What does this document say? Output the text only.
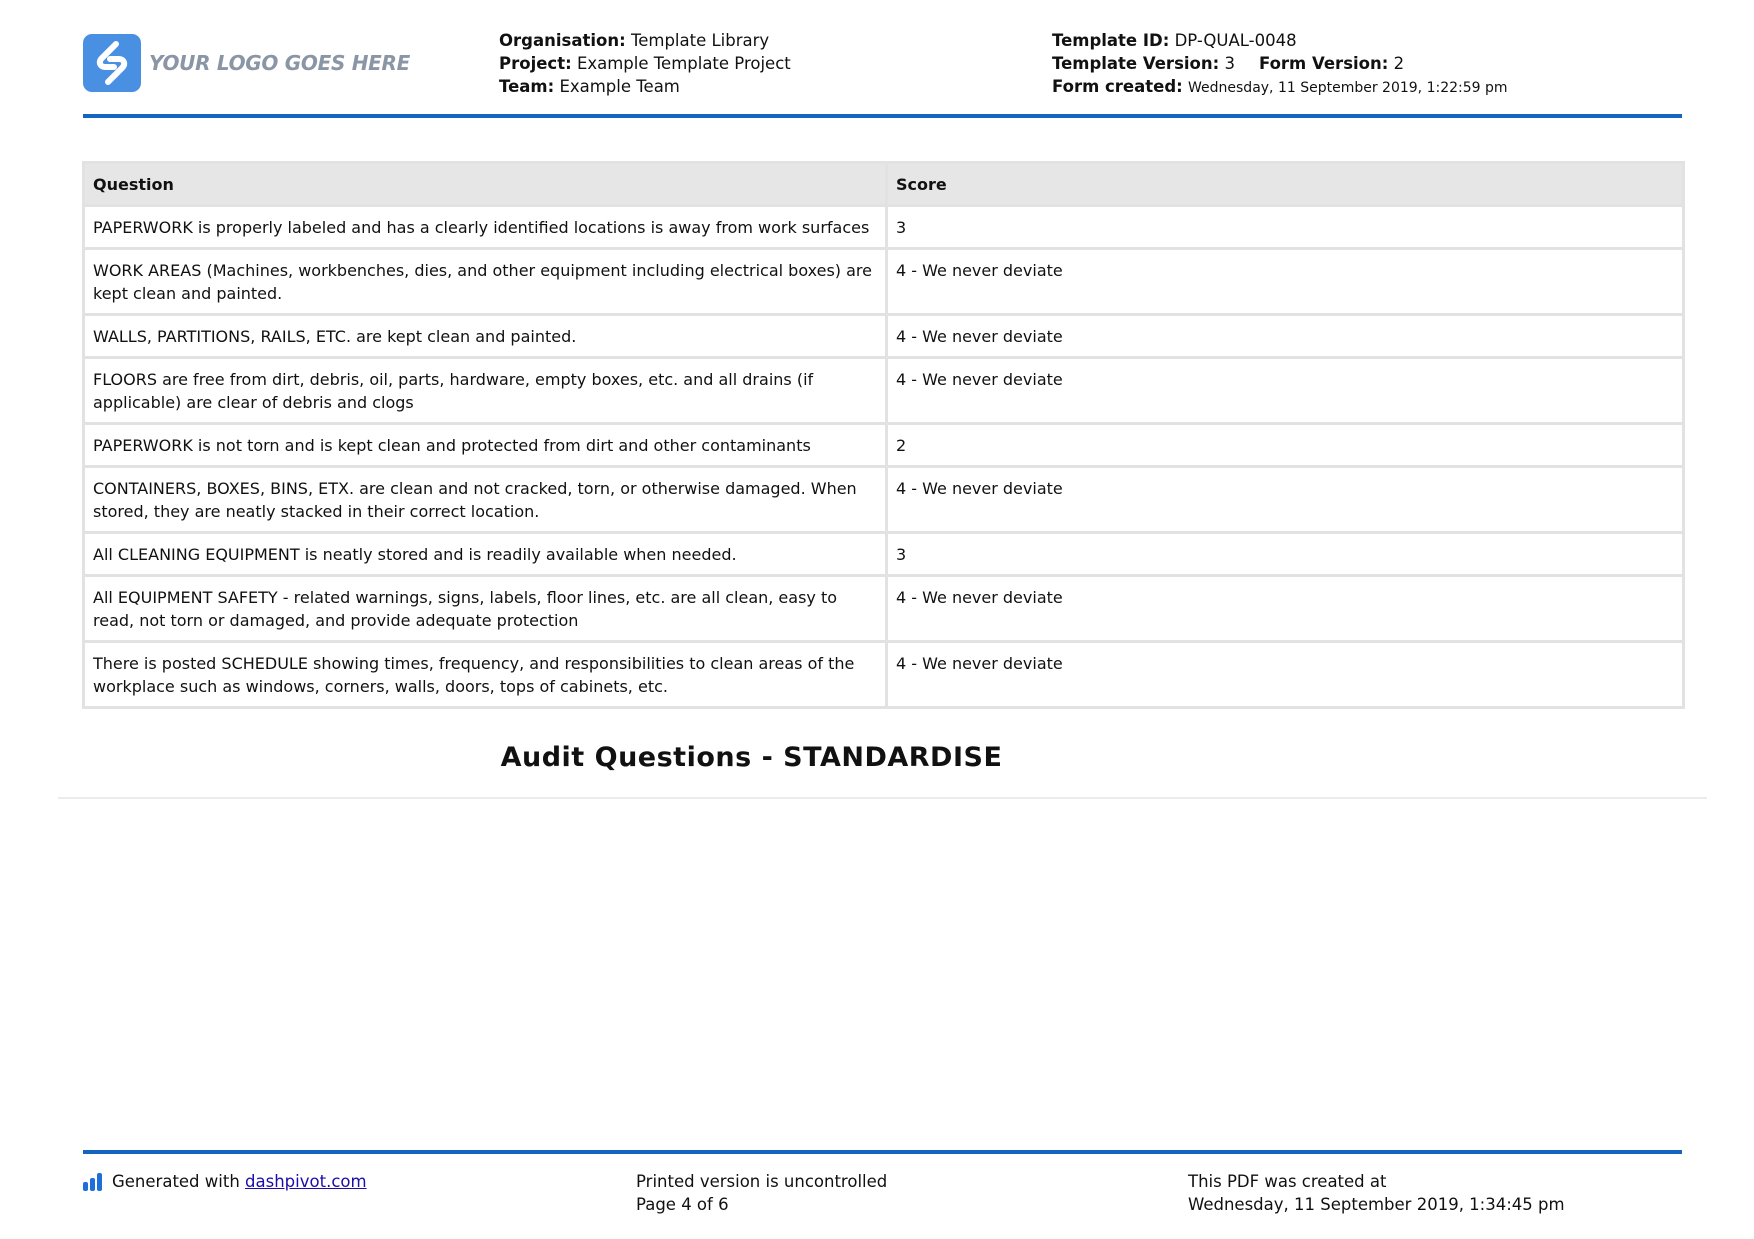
YOUR LOGO GOES HERE
Organisation: Template Library
Project: Example Template Project
Team: Example Team
Template ID: DP-QUAL-0048
Template Version: 3 Form Version: 2
Form created: Wednesday, 11 September 2019, 1:22:59 pm
Question	Score
PAPERWORK is properly labeled and has a clearly identified locations is away from work surfaces	3
WORK AREAS (Machines, workbenches, dies, and other equipment including electrical boxes) are kept clean and painted.	4 - We never deviate
WALLS, PARTITIONS, RAILS, ETC. are kept clean and painted.	4 - We never deviate
FLOORS are free from dirt, debris, oil, parts, hardware, empty boxes, etc. and all drains (if applicable) are clear of debris and clogs	4 - We never deviate
PAPERWORK is not torn and is kept clean and protected from dirt and other contaminants	2
CONTAINERS, BOXES, BINS, ETX. are clean and not cracked, torn, or otherwise damaged. When stored, they are neatly stacked in their correct location.	4 - We never deviate
All CLEANING EQUIPMENT is neatly stored and is readily available when needed.	3
All EQUIPMENT SAFETY - related warnings, signs, labels, floor lines, etc. are all clean, easy to read, not torn or damaged, and provide adequate protection	4 - We never deviate
There is posted SCHEDULE showing times, frequency, and responsibilities to clean areas of the workplace such as windows, corners, walls, doors, tops of cabinets, etc.	4 - We never deviate
Audit Questions - STANDARDISE
Generated with
dashpivot.com	Printed version is uncontrolled
Page 4 of 6
This PDF was created at
Wednesday, 11 September 2019, 1:34:45 pm
